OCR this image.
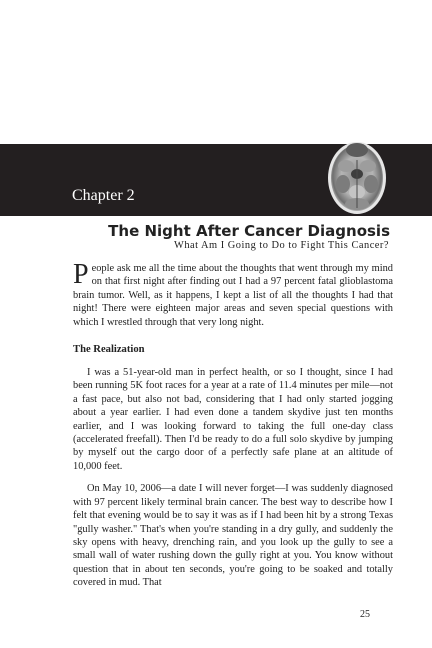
Chapter 2
The Night After Cancer Diagnosis
What Am I Going to Do to Fight This Cancer?

People ask me all the time about the thoughts that went through my mind on that first night after finding out I had a 97 percent fatal glioblastoma brain tumor. Well, as it happens, I kept a list of all the thoughts I had that night! There were eighteen major areas and seven special questions with which I wrestled through that very long night.

The Realization

I was a 51-year-old man in perfect health, or so I thought, since I had been running 5K foot races for a year at a rate of 11.4 minutes per mile—not a fast pace, but also not bad, considering that I had only started jogging about a year earlier. I had even done a tandem skydive just ten months earlier, and I was looking forward to taking the full one-day class (accelerated freefall). Then I'd be ready to do a full solo skydive by jumping by myself out the cargo door of a perfectly safe plane at an altitude of 10,000 feet.

On May 10, 2006—a date I will never forget—I was suddenly diagnosed with 97 percent likely terminal brain cancer. The best way to describe how I felt that evening would be to say it was as if I had been hit by a strong Texas "gully washer." That's when you're standing in a dry gully, and suddenly the sky opens with heavy, drenching rain, and you look up the gully to see a small wall of water rushing down the gully right at you. You know without question that in about ten seconds, you're going to be soaked and totally covered in mud. That

25
